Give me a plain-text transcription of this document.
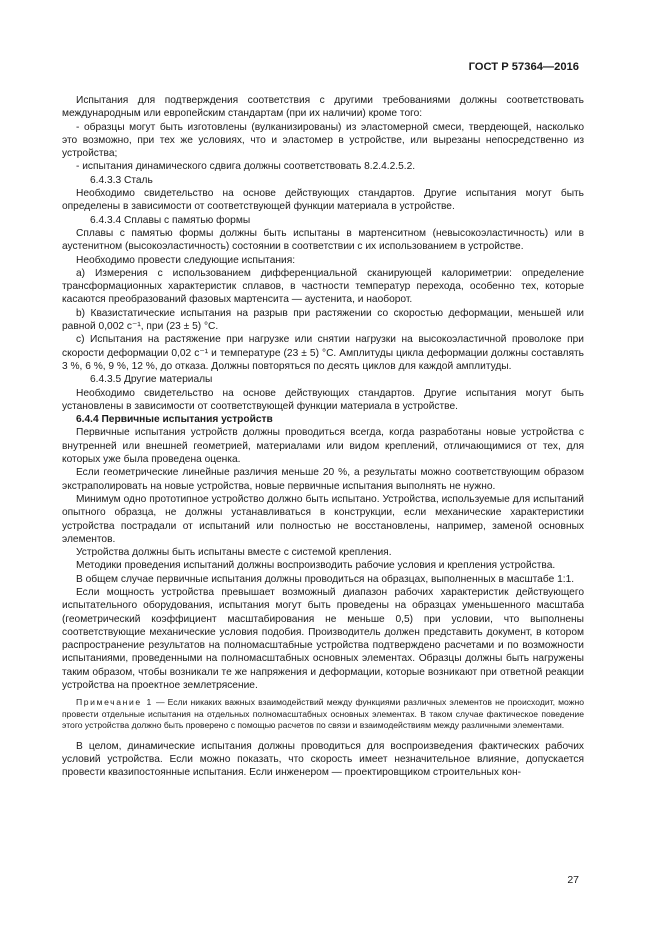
ГОСТ Р 57364—2016

Испытания для подтверждения соответствия с другими требованиями должны соответствовать международным или европейским стандартам (при их наличии) кроме того:

- образцы могут быть изготовлены (вулканизированы) из эластомерной смеси, твердеющей, насколько это возможно, при тех же условиях, что и эластомер в устройстве, или вырезаны непосредственно из устройства;

- испытания динамического сдвига должны соответствовать 8.2.4.2.5.2.

6.4.3.3 Сталь

Необходимо свидетельство на основе действующих стандартов. Другие испытания могут быть определены в зависимости от соответствующей функции материала в устройстве.

6.4.3.4 Сплавы с памятью формы

Сплавы с памятью формы должны быть испытаны в мартенситном (невысокоэластичность) или в аустенитном (высокоэластичность) состоянии в соответствии с их использованием в устройстве.

Необходимо провести следующие испытания:

а) Измерения с использованием дифференциальной сканирующей калориметрии: определение трансформационных характеристик сплавов, в частности температур перехода, особенно тех, которые касаются преобразований фазовых мартенсита — аустенита, и наоборот.

b) Квазистатические испытания на разрыв при растяжении со скоростью деформации, меньшей или равной 0,002 с⁻¹, при (23 ± 5) °С.

с) Испытания на растяжение при нагрузке или снятии нагрузки на высокоэластичной проволоке при скорости деформации 0,02 с⁻¹ и температуре (23 ± 5) °С. Амплитуды цикла деформации должны составлять 3 %, 6 %, 9 %, 12 %, до отказа. Должны повторяться по десять циклов для каждой амплитуды.

6.4.3.5 Другие материалы

Необходимо свидетельство на основе действующих стандартов. Другие испытания могут быть установлены в зависимости от соответствующей функции материала в устройстве.

6.4.4 Первичные испытания устройств

Первичные испытания устройств должны проводиться всегда, когда разработаны новые устройства с внутренней или внешней геометрией, материалами или видом креплений, отличающимися от тех, для которых уже была проведена оценка.

Если геометрические линейные различия меньше 20 %, а результаты можно соответствующим образом экстраполировать на новые устройства, новые первичные испытания выполнять не нужно.

Минимум одно прототипное устройство должно быть испытано. Устройства, используемые для испытаний опытного образца, не должны устанавливаться в конструкции, если механические характеристики устройства пострадали от испытаний или полностью не восстановлены, например, заменой основных элементов.

Устройства должны быть испытаны вместе с системой крепления.

Методики проведения испытаний должны воспроизводить рабочие условия и крепления устройства.

В общем случае первичные испытания должны проводиться на образцах, выполненных в масштабе 1:1.

Если мощность устройства превышает возможный диапазон рабочих характеристик действующего испытательного оборудования, испытания могут быть проведены на образцах уменьшенного масштаба (геометрический коэффициент масштабирования не меньше 0,5) при условии, что выполнены соответствующие механические условия подобия. Производитель должен представить документ, в котором распространение результатов на полномасштабные устройства подтверждено расчетами и по возможности испытаниями, проведенными на полномасштабных основных элементах. Образцы должны быть нагружены таким образом, чтобы возникали те же напряжения и деформации, которые возникают при ответной реакции устройства на проектное землетрясение.

Примечание 1 — Если никаких важных взаимодействий между функциями различных элементов не происходит, можно провести отдельные испытания на отдельных полномасштабных основных элементах. В таком случае фактическое поведение этого устройства должно быть проверено с помощью расчетов по связи и взаимодействиям между различными элементами.

В целом, динамические испытания должны проводиться для воспроизведения фактических рабочих условий устройства. Если можно показать, что скорость имеет незначительное влияние, допускается провести квазипостоянные испытания. Если инженером — проектировщиком строительных кон-

27
